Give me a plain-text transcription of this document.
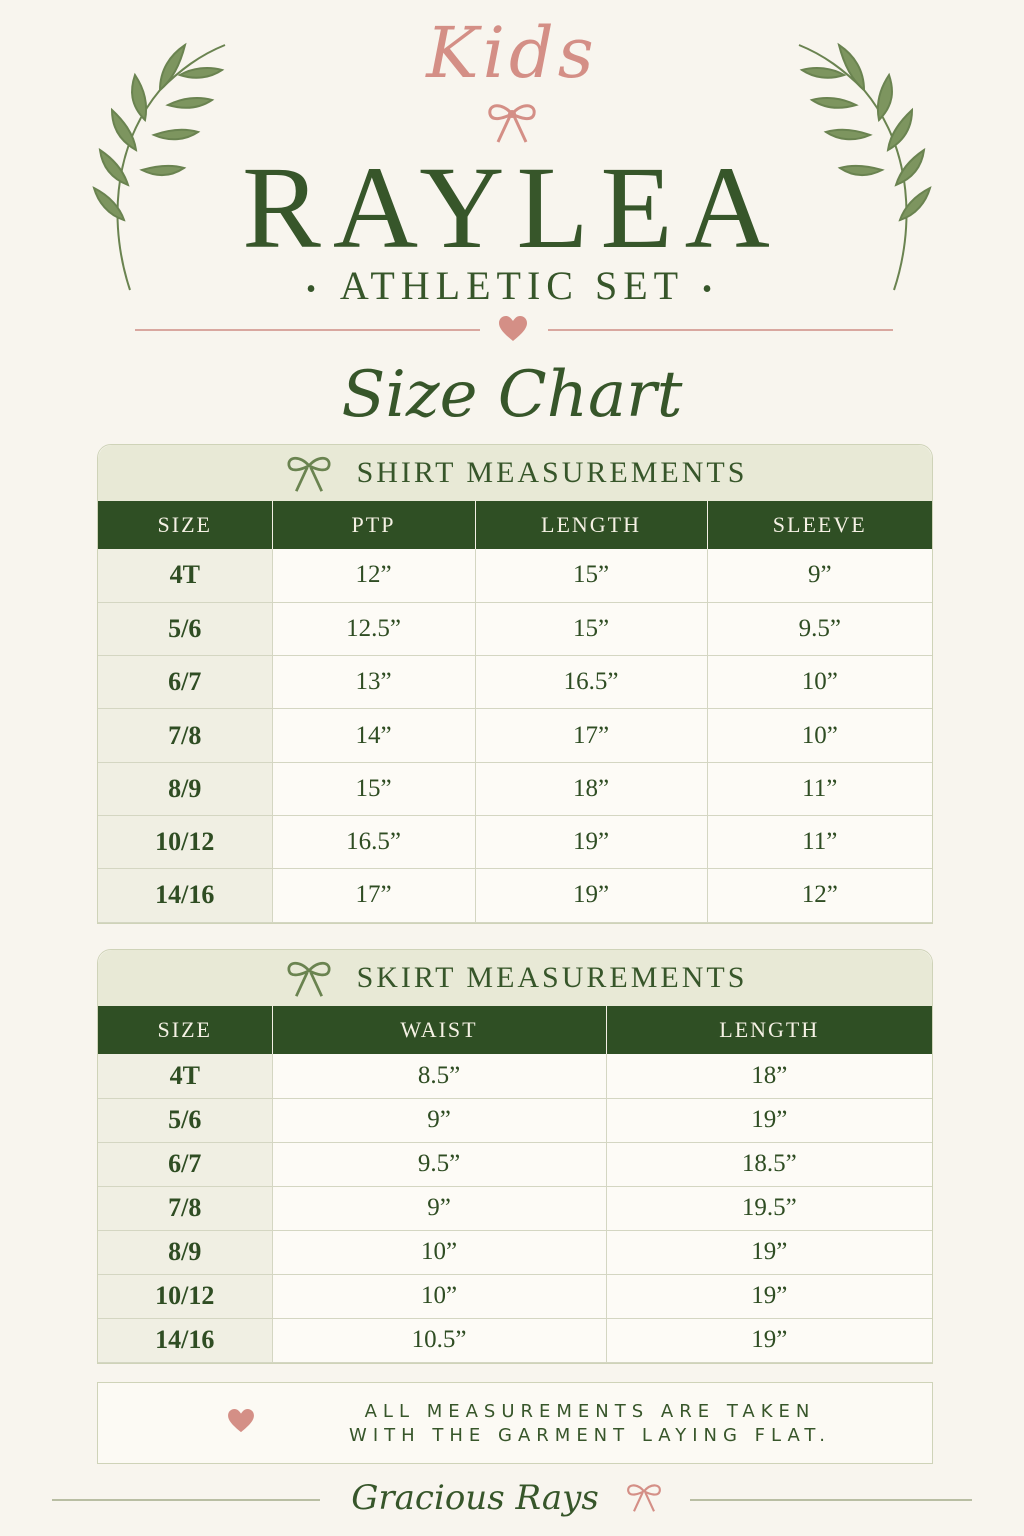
Kids
RAYLEA
• ATHLETIC SET •
Size Chart
SHIRT MEASUREMENTS
SIZE	PTP	LENGTH	SLEEVE
4T	12”	15”	9”
5/6	12.5”	15”	9.5”
6/7	13”	16.5”	10”
7/8	14”	17”	10”
8/9	15”	18”	11”
10/12	16.5”	19”	11”
14/16	17”	19”	12”
SKIRT MEASUREMENTS
SIZE	WAIST	LENGTH
4T	8.5”	18”
5/6	9”	19”
6/7	9.5”	18.5”
7/8	9”	19.5”
8/9	10”	19”
10/12	10”	19”
14/16	10.5”	19”
ALL MEASUREMENTS ARE TAKEN
WITH THE GARMENT LAYING FLAT.
Gracious Rays
